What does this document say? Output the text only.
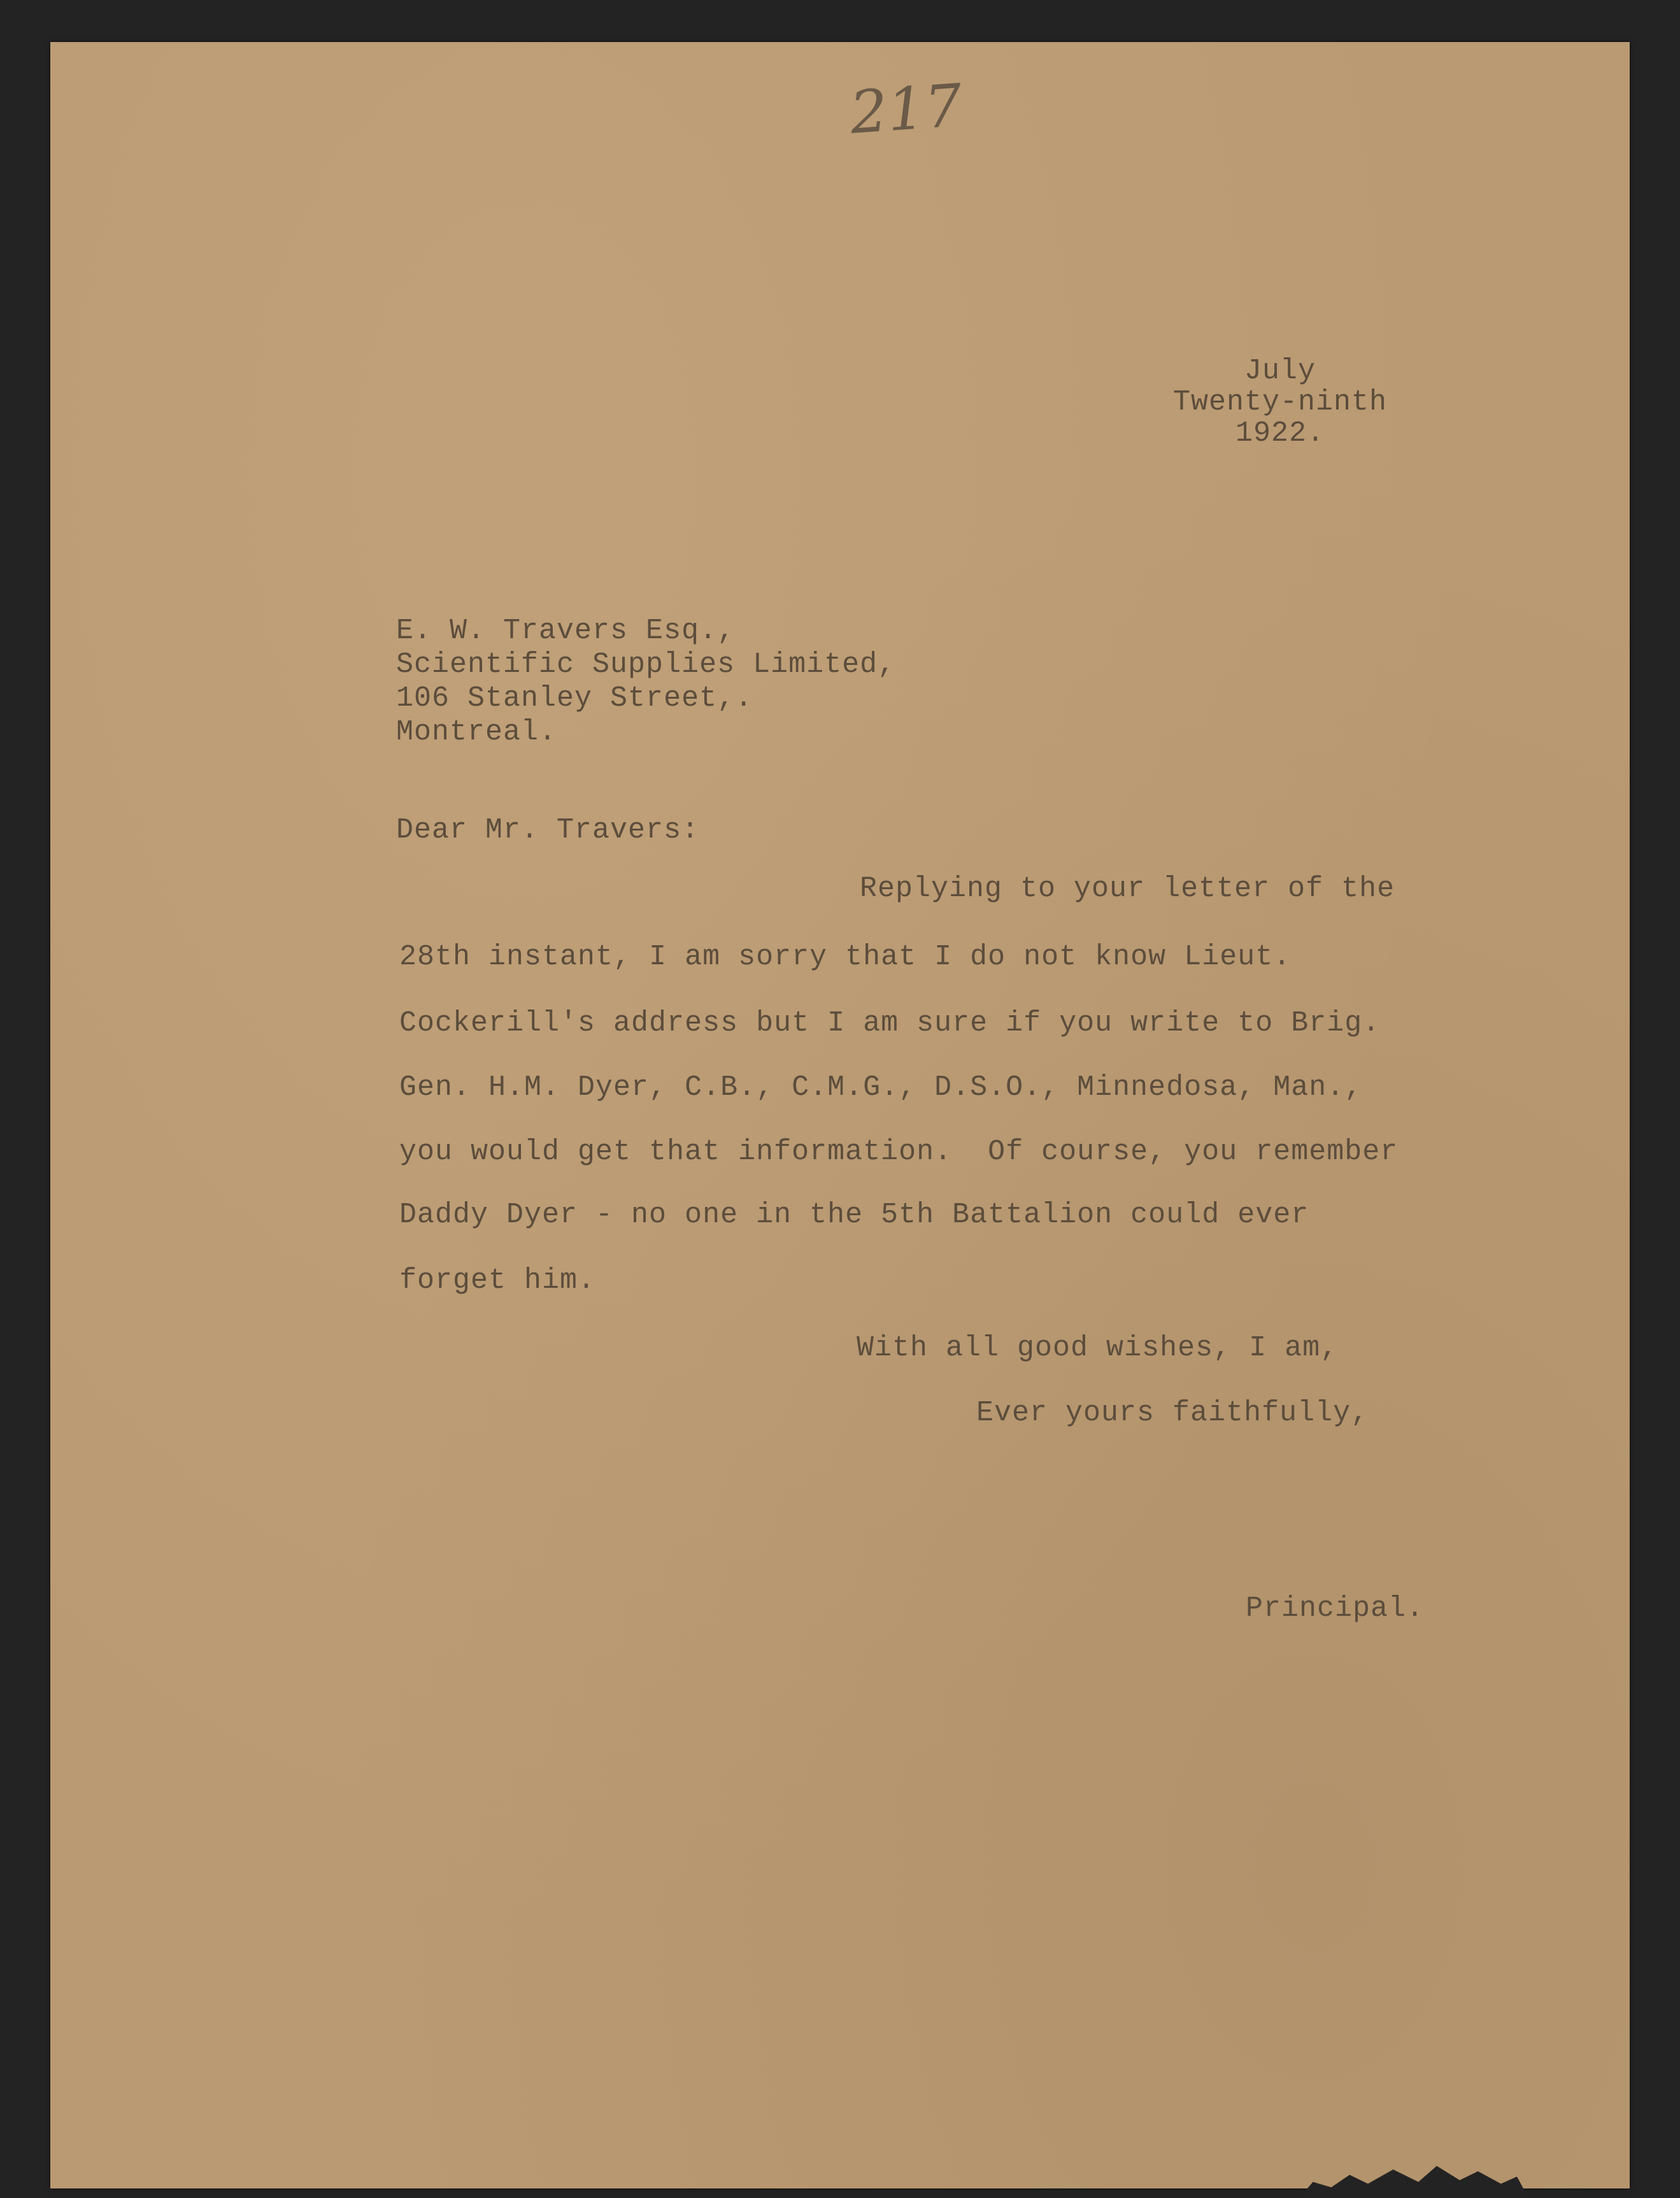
217

July

Twenty-ninth

1922.

E. W. Travers Esq.,

Scientific Supplies Limited,

106 Stanley Street,.

Montreal.

Dear Mr. Travers:

Replying to your letter of the

28th instant, I am sorry that I do not know Lieut.

Cockerill's address but I am sure if you write to Brig.

Gen. H.M. Dyer, C.B., C.M.G., D.S.O., Minnedosa, Man.,

you would get that information.  Of course, you remember

Daddy Dyer - no one in the 5th Battalion could ever

forget him.

With all good wishes, I am,

Ever yours faithfully,

Principal.
